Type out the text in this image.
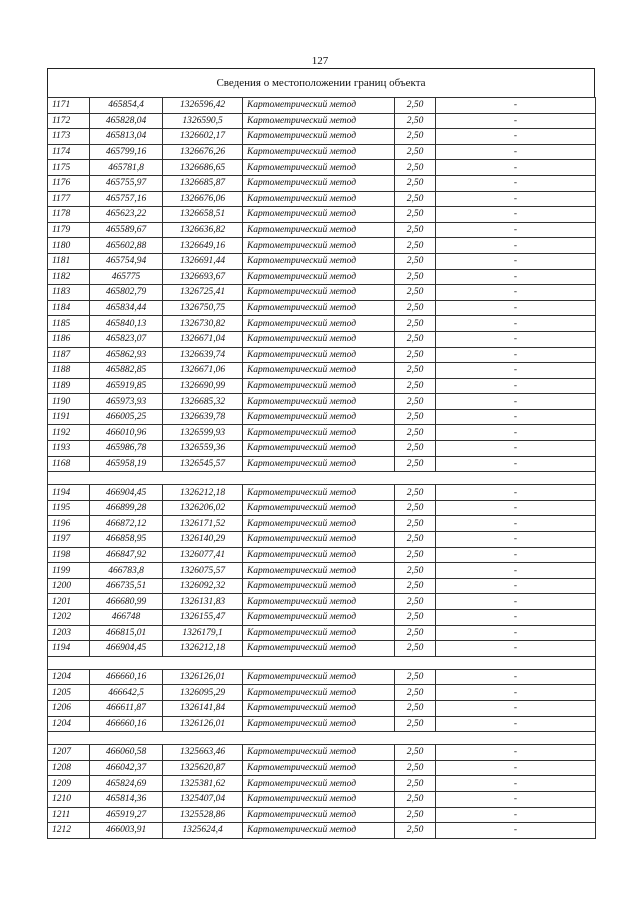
127
Сведения о местоположении границ объекта
1171	465854,4	1326596,42	Картометрический метод	2,50	-
1172	465828,04	1326590,5	Картометрический метод	2,50	-
1173	465813,04	1326602,17	Картометрический метод	2,50	-
1174	465799,16	1326676,26	Картометрический метод	2,50	-
1175	465781,8	1326686,65	Картометрический метод	2,50	-
1176	465755,97	1326685,87	Картометрический метод	2,50	-
1177	465757,16	1326676,06	Картометрический метод	2,50	-
1178	465623,22	1326658,51	Картометрический метод	2,50	-
1179	465589,67	1326636,82	Картометрический метод	2,50	-
1180	465602,88	1326649,16	Картометрический метод	2,50	-
1181	465754,94	1326691,44	Картометрический метод	2,50	-
1182	465775	1326693,67	Картометрический метод	2,50	-
1183	465802,79	1326725,41	Картометрический метод	2,50	-
1184	465834,44	1326750,75	Картометрический метод	2,50	-
1185	465840,13	1326730,82	Картометрический метод	2,50	-
1186	465823,07	1326671,04	Картометрический метод	2,50	-
1187	465862,93	1326639,74	Картометрический метод	2,50	-
1188	465882,85	1326671,06	Картометрический метод	2,50	-
1189	465919,85	1326690,99	Картометрический метод	2,50	-
1190	465973,93	1326685,32	Картометрический метод	2,50	-
1191	466005,25	1326639,78	Картометрический метод	2,50	-
1192	466010,96	1326599,93	Картометрический метод	2,50	-
1193	465986,78	1326559,36	Картометрический метод	2,50	-
1168	465958,19	1326545,57	Картометрический метод	2,50	-

1194	466904,45	1326212,18	Картометрический метод	2,50	-
1195	466899,28	1326206,02	Картометрический метод	2,50	-
1196	466872,12	1326171,52	Картометрический метод	2,50	-
1197	466858,95	1326140,29	Картометрический метод	2,50	-
1198	466847,92	1326077,41	Картометрический метод	2,50	-
1199	466783,8	1326075,57	Картометрический метод	2,50	-
1200	466735,51	1326092,32	Картометрический метод	2,50	-
1201	466680,99	1326131,83	Картометрический метод	2,50	-
1202	466748	1326155,47	Картометрический метод	2,50	-
1203	466815,01	1326179,1	Картометрический метод	2,50	-
1194	466904,45	1326212,18	Картометрический метод	2,50	-

1204	466660,16	1326126,01	Картометрический метод	2,50	-
1205	466642,5	1326095,29	Картометрический метод	2,50	-
1206	466611,87	1326141,84	Картометрический метод	2,50	-
1204	466660,16	1326126,01	Картометрический метод	2,50	-

1207	466060,58	1325663,46	Картометрический метод	2,50	-
1208	466042,37	1325620,87	Картометрический метод	2,50	-
1209	465824,69	1325381,62	Картометрический метод	2,50	-
1210	465814,36	1325407,04	Картометрический метод	2,50	-
1211	465919,27	1325528,86	Картометрический метод	2,50	-
1212	466003,91	1325624,4	Картометрический метод	2,50	-
